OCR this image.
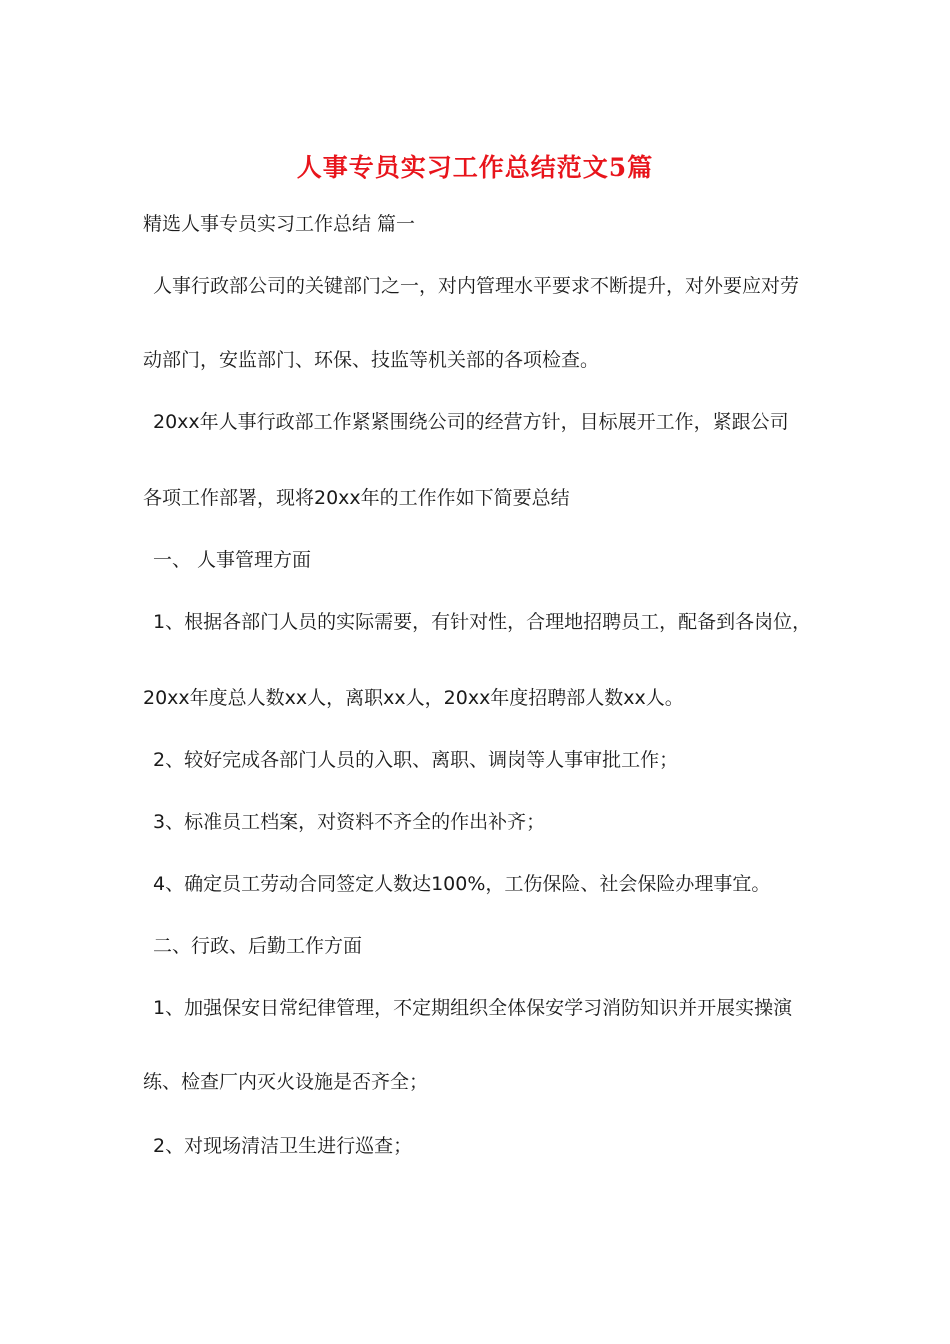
人事专员实习工作总结范文5篇
精选人事专员实习工作总结 篇一
人事行政部公司的关键部门之一，对内管理水平要求不断提升，对外要应对劳
动部门，安监部门、环保、技监等机关部的各项检查。
20xx年人事行政部工作紧紧围绕公司的经营方针，目标展开工作，紧跟公司
各项工作部署，现将20xx年的工作作如下简要总结
一、 人事管理方面
1、根据各部门人员的实际需要，有针对性，合理地招聘员工，配备到各岗位，
20xx年度总人数xx人，离职xx人，20xx年度招聘部人数xx人。
2、较好完成各部门人员的入职、离职、调岗等人事审批工作；
3、标准员工档案，对资料不齐全的作出补齐；
4、确定员工劳动合同签定人数达100%，工伤保险、社会保险办理事宜。
二、行政、后勤工作方面
1、加强保安日常纪律管理，不定期组织全体保安学习消防知识并开展实操演
练、检查厂内灭火设施是否齐全；
2、对现场清洁卫生进行巡查；
